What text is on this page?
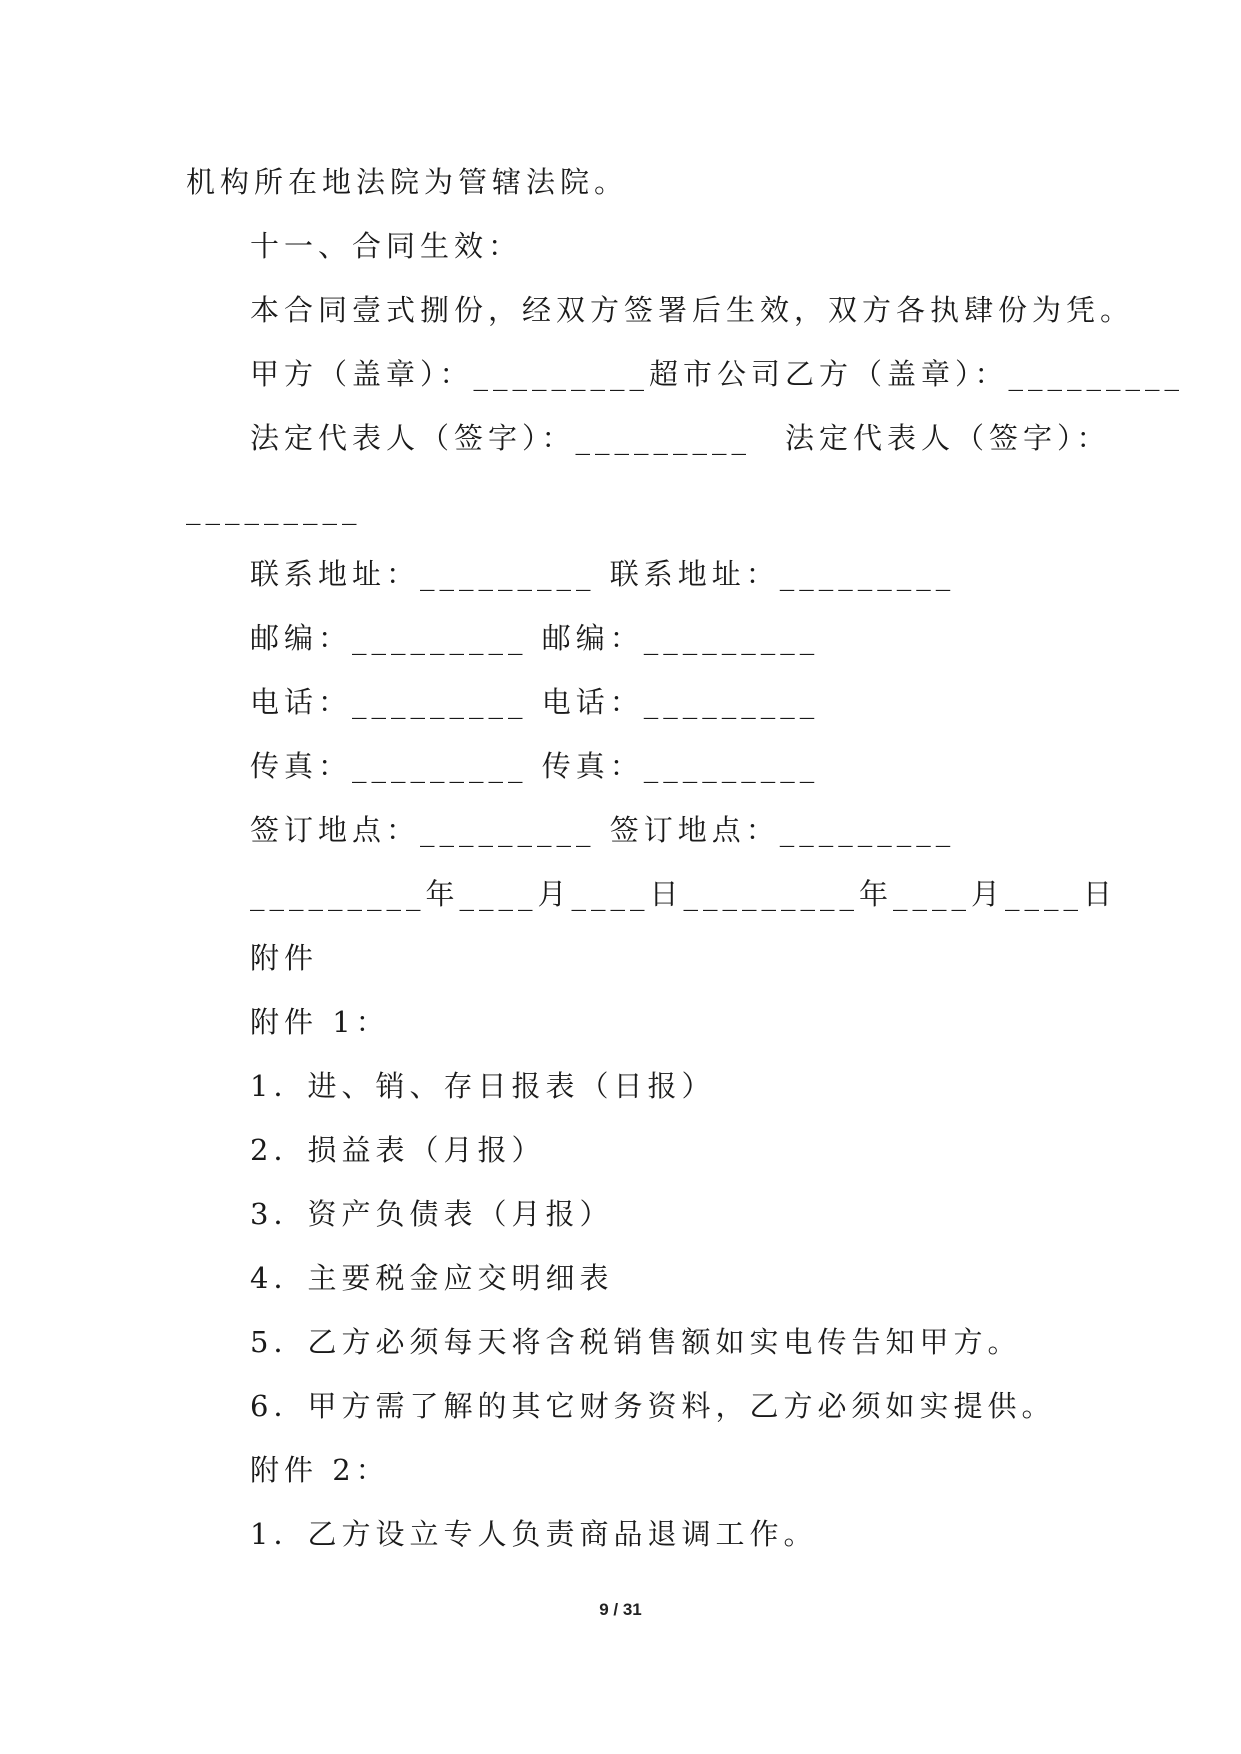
机构所在地法院为管辖法院。
十一、合同生效：
本合同壹式捌份，经双方签署后生效，双方各执肆份为凭。
甲方（盖章）：_________超市公司乙方（盖章）：_________
法定代表人（签字）：_________　法定代表人（签字）：
_________
联系地址：_________ 联系地址：_________
邮编：_________ 邮编：_________
电话：_________ 电话：_________
传真：_________ 传真：_________
签订地点：_________ 签订地点：_________
_________年____月____日_________年____月____日
附件
附件 1：
1．进、销、存日报表（日报）
2．损益表（月报）
3．资产负债表（月报）
4．主要税金应交明细表
5．乙方必须每天将含税销售额如实电传告知甲方。
6．甲方需了解的其它财务资料，乙方必须如实提供。
附件 2：
1．乙方设立专人负责商品退调工作。
9 / 31
